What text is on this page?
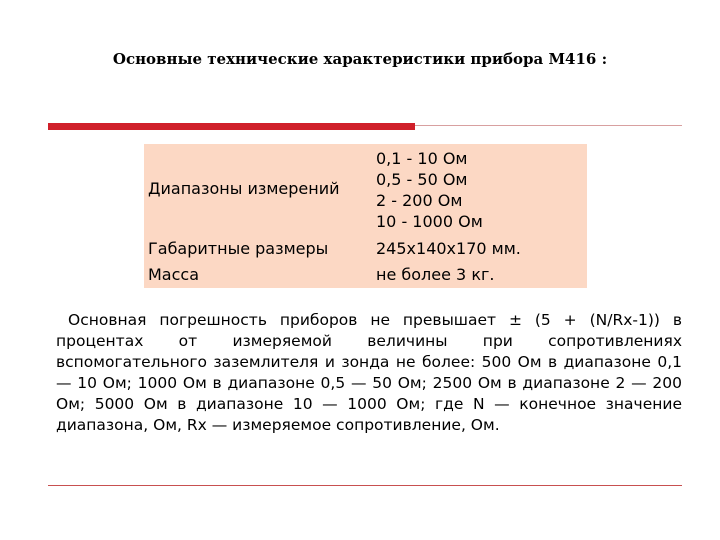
Основные технические характеристики прибора М416 :
Диапазоны измерений
0,1 - 10 Ом
0,5 - 50 Ом
2 - 200 Ом
10 - 1000 Ом
Габаритные размеры	245х140х170 мм.
Масса	не более 3 кг.
Основная погрешность приборов не превышает ± (5 + (N/Rx-1)) в процентах от измеряемой величины при сопротивлениях вспомогательного заземлителя и зонда не более: 500 Ом в диапазоне 0,1 — 10 Ом; 1000 Ом в диапазоне 0,5 — 50 Ом; 2500 Ом в диапазоне 2 — 200 Ом; 5000 Ом в диапазоне 10 — 1000 Ом; где N — конечное значение диапазона, Ом, Rx — измеряемое сопротивление, Ом.
